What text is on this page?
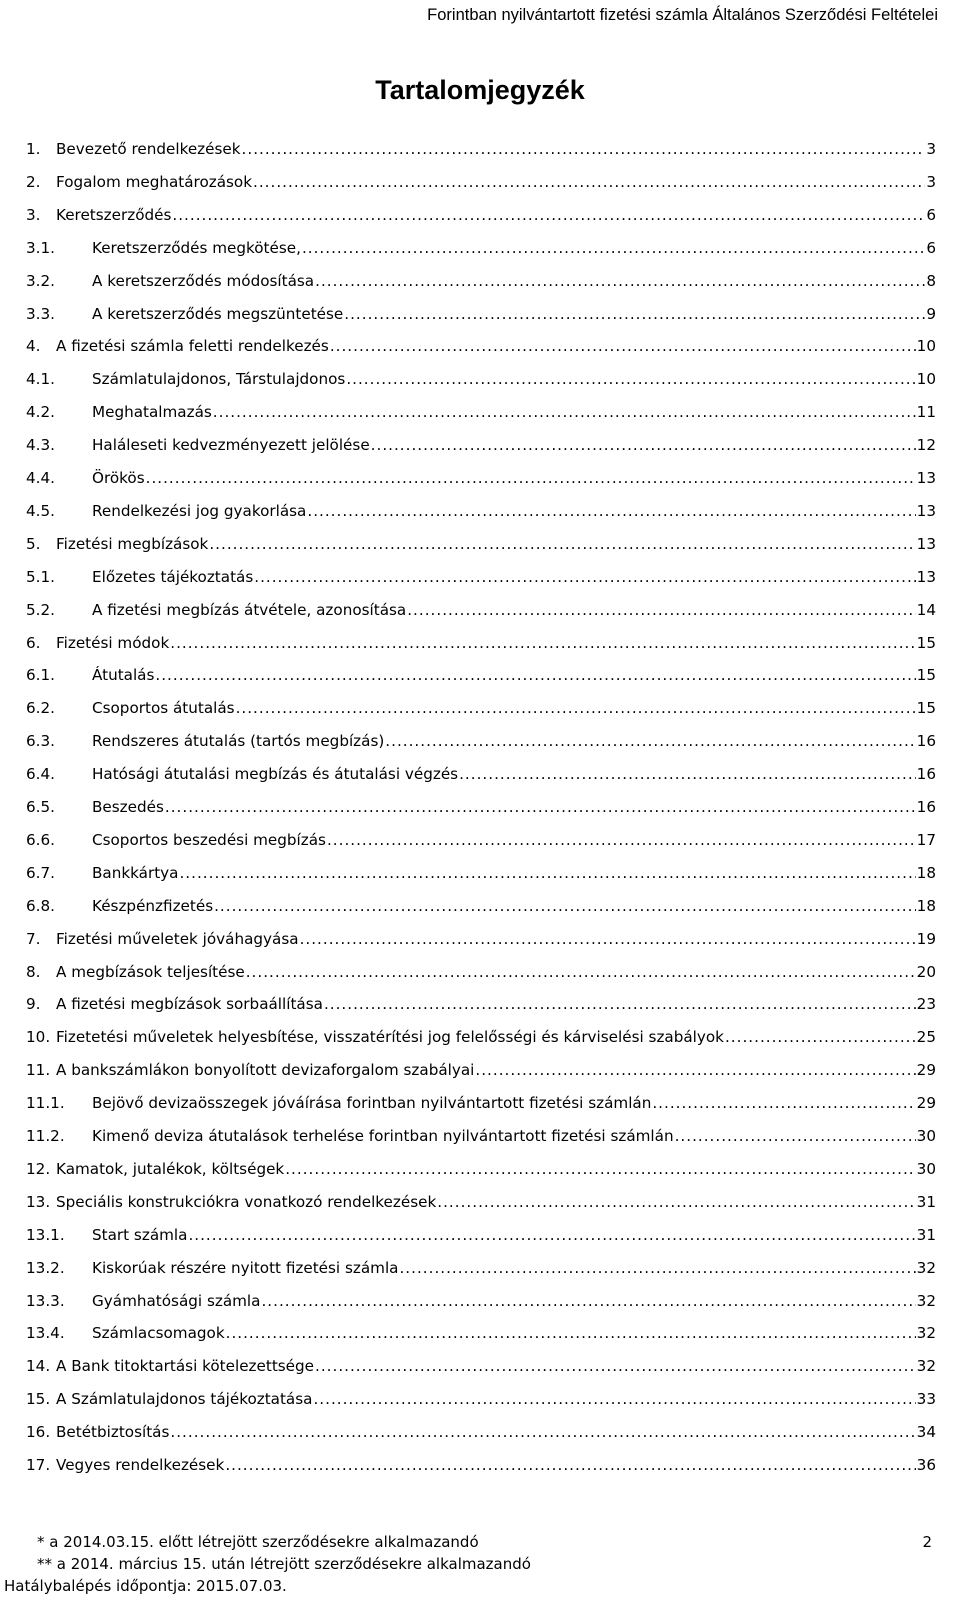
Forintban nyilvántartott fizetési számla Általános Szerződési Feltételei
Tartalomjegyzék
1.	Bevezető rendelkezések .....	3
2.	Fogalom meghatározások .....	3
3.	Keretszerződés .....	6
3.1.	Keretszerződés megkötése, .....	6
3.2.	A keretszerződés módosítása .....	8
3.3.	A keretszerződés megszüntetése .....	9
4.	A fizetési számla feletti rendelkezés .....	10
4.1.	Számlatulajdonos, Társtulajdonos .....	10
4.2.	Meghatalmazás .....	11
4.3.	Haláleseti kedvezményezett jelölése .....	12
4.4.	Örökös .....	13
4.5.	Rendelkezési jog gyakorlása .....	13
5.	Fizetési megbízások .....	13
5.1.	Előzetes tájékoztatás .....	13
5.2.	A fizetési megbízás átvétele, azonosítása .....	14
6.	Fizetési módok .....	15
6.1.	Átutalás .....	15
6.2.	Csoportos átutalás .....	15
6.3.	Rendszeres átutalás (tartós megbízás) .....	16
6.4.	Hatósági átutalási megbízás és átutalási végzés .....	16
6.5.	Beszedés .....	16
6.6.	Csoportos beszedési megbízás .....	17
6.7.	Bankkártya .....	18
6.8.	Készpénzfizetés .....	18
7.	Fizetési műveletek jóváhagyása .....	19
8.	A megbízások teljesítése .....	20
9.	A fizetési megbízások sorbaállítása .....	23
10. Fizetetési műveletek helyesbítése, visszatérítési jog felelősségi és kárviselési szabályok .....	25
11. A bankszámlákon bonyolított devizaforgalom szabályai .....	29
11.1.	Bejövő devizaösszegek jóváírása forintban nyilvántartott fizetési számlán .....	29
11.2.	Kimenő deviza átutalások terhelése forintban nyilvántartott fizetési számlán .....	30
12. Kamatok, jutalékok, költségek .....	30
13. Speciális konstrukciókra vonatkozó rendelkezések .....	31
13.1.	Start számla .....	31
13.2.	Kiskorúak részére nyitott fizetési számla .....	32
13.3.	Gyámhatósági számla .....	32
13.4.	Számlacsomagok .....	32
14. A Bank titoktartási kötelezettsége .....	32
15. A Számlatulajdonos tájékoztatása .....	33
16. Betétbiztosítás .....	34
17. Vegyes rendelkezések .....	36
* a 2014.03.15. előtt létrejött szerződésekre alkalmazandó
** a 2014. március 15. után létrejött szerződésekre alkalmazandó
Hatálybalépés időpontja: 2015.07.03.
2
